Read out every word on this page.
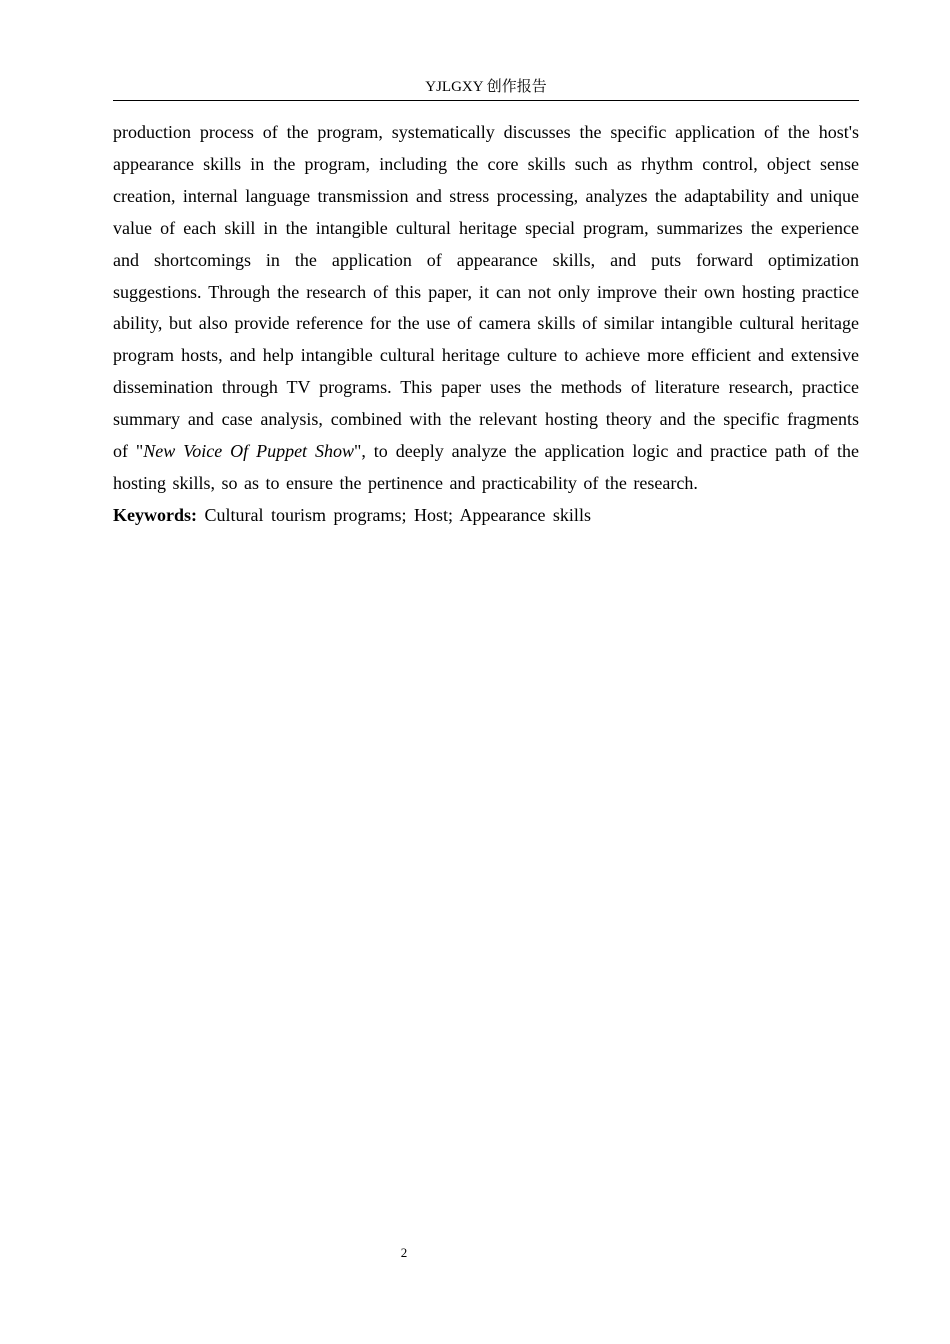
YJLGXY 创作报告

production process of the program, systematically discusses the specific application of the host's appearance skills in the program, including the core skills such as rhythm control, object sense creation, internal language transmission and stress processing, analyzes the adaptability and unique value of each skill in the intangible cultural heritage special program, summarizes the experience and shortcomings in the application of appearance skills, and puts forward optimization suggestions. Through the research of this paper, it can not only improve their own hosting practice ability, but also provide reference for the use of camera skills of similar intangible cultural heritage program hosts, and help intangible cultural heritage culture to achieve more efficient and extensive dissemination through TV programs. This paper uses the methods of literature research, practice summary and case analysis, combined with the relevant hosting theory and the specific fragments of "New Voice Of Puppet Show", to deeply analyze the application logic and practice path of the hosting skills, so as to ensure the pertinence and practicability of the research.

Keywords: Cultural tourism programs; Host; Appearance skills

2
